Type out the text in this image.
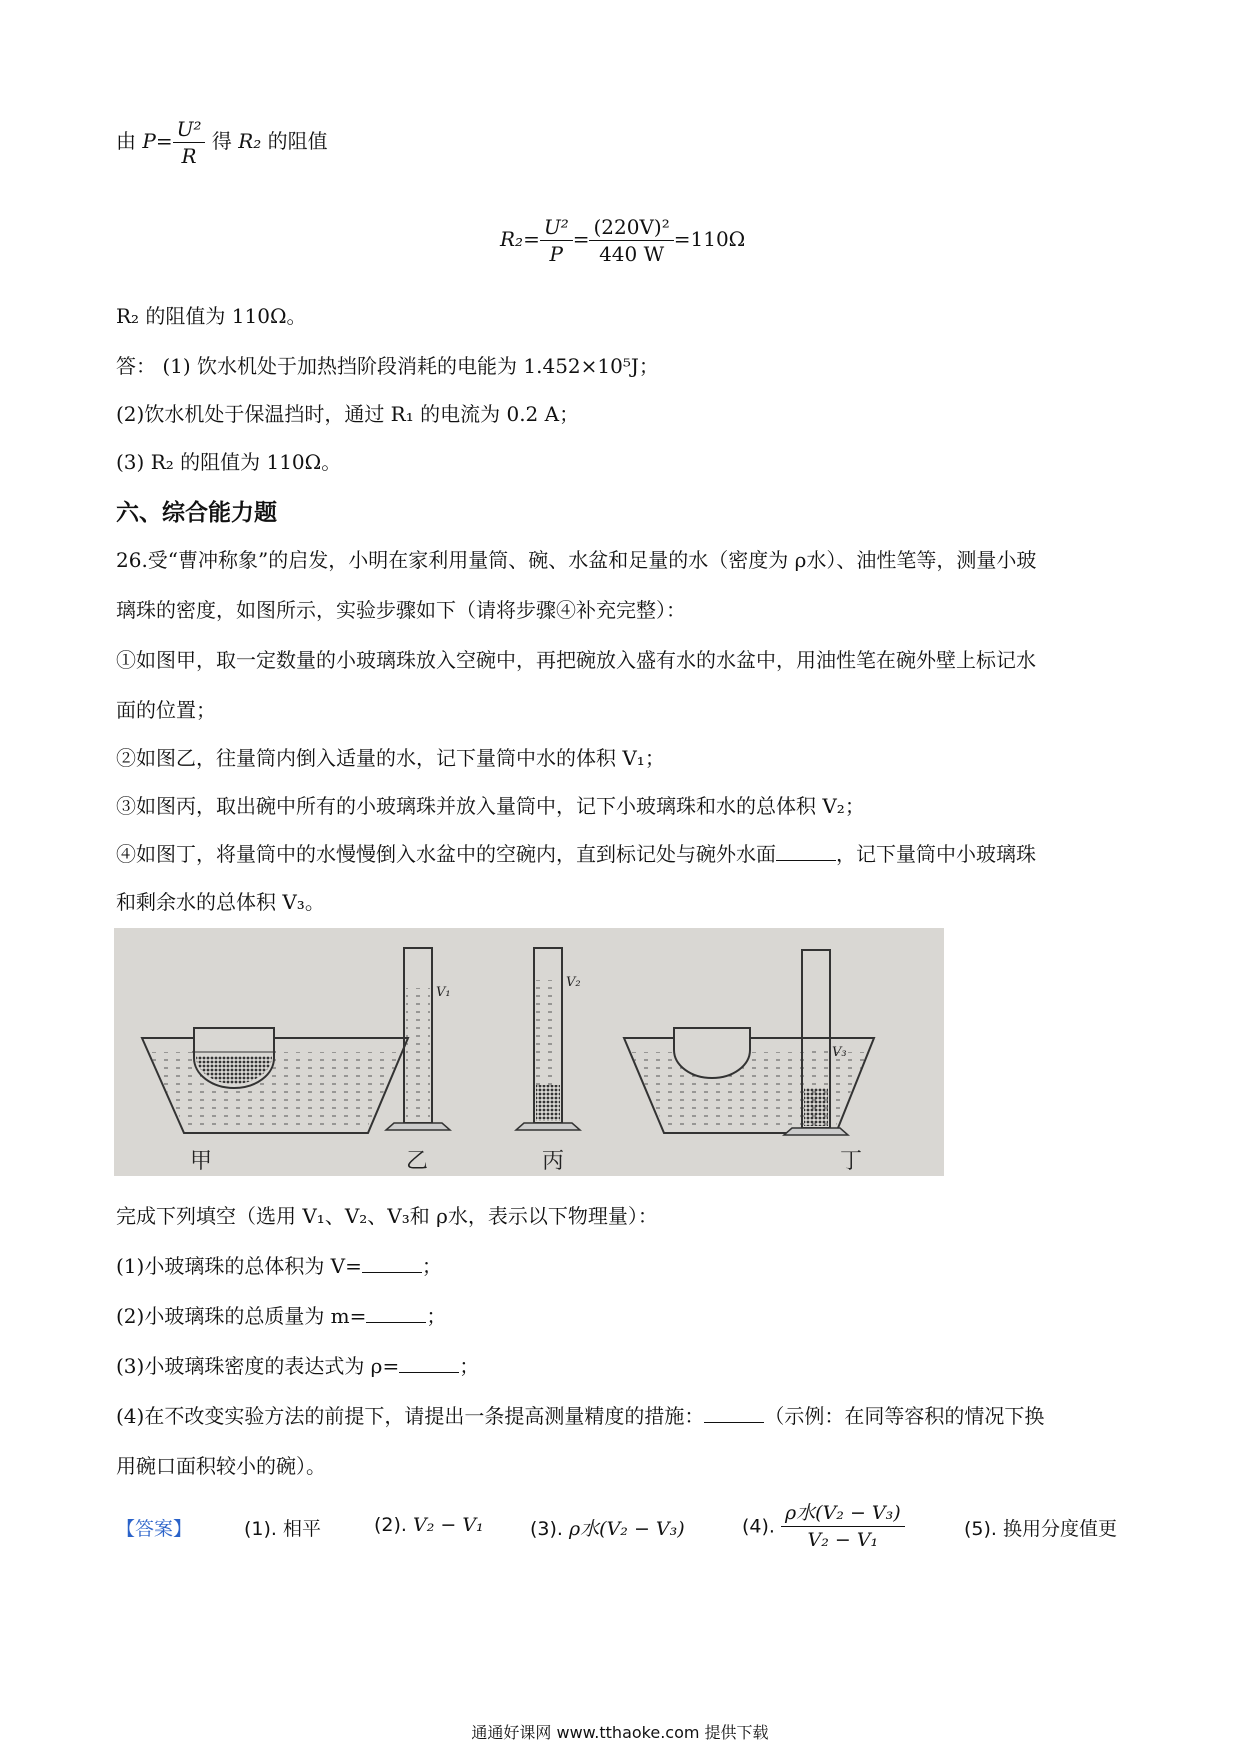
由 $P= \frac{\text{U²}}{R}$ 得 R₂ 的阻值
$R_2= \frac{\text{U²}}{P} = \frac{\text{(220V)²}}{440 W} =110\Omega$
R₂ 的阻值为 110Ω。
答： (1) 饮水机处于加热挡阶段消耗的电能为 1.452×10⁵J；
(2)饮水机处于保温挡时，通过 R₁ 的电流为 0.2 A；
(3) R₂ 的阻值为 110Ω。
六、综合能力题
26.受“曹冲称象”的启发，小明在家利用量筒、碗、水盆和足量的水（密度为 ρ水）、油性笔等，测量小玻
璃珠的密度，如图所示，实验步骤如下（请将步骤④补充完整）：
①如图甲，取一定数量的小玻璃珠放入空碗中，再把碗放入盛有水的水盆中，用油性笔在碗外壁上标记水
面的位置；
②如图乙，往量筒内倒入适量的水，记下量筒中水的体积 V₁；
③如图丙，取出碗中所有的小玻璃珠并放入量筒中，记下小玻璃珠和水的总体积 V₂；
④如图丁，将量筒中的水慢慢倒入水盆中的空碗内，直到标记处与碗外水面	，记下量筒中小玻璃珠
和剩余水的总体积 V₃。
甲	乙	丙	丁
V₁
V₂
V₃
完成下列填空（选用 V₁、V₂、V₃和 ρ水，表示以下物理量）：
(1)小玻璃珠的总体积为 V=	；
(2)小玻璃珠的总质量为 m=	；
(3)小玻璃珠密度的表达式为 ρ=	；
(4)在不改变实验方法的前提下，请提出一条提高测量精度的措施：	（示例：在同等容积的情况下换
用碗口面积较小的碗）。
【答案】	(1). 相平	(2). V₂ − V₁ (3). ρ水(V₂ − V₃)	(4). $\frac{\text{ρ水(V₂ − V₃)}}{\text{V₂ − V₁}}$	(5). 换用分度值更
通通好课网 www.tthaoke.com 提供下载
